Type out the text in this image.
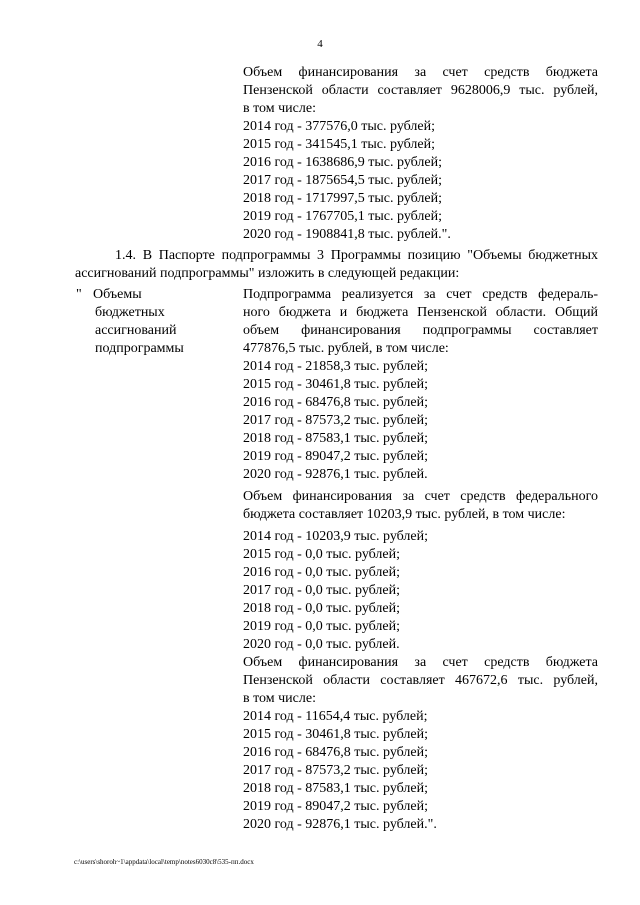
4
Объем финансирования за счет средств бюджета
Пензенской области составляет 9628006,9 тыс. рублей,
в том числе:
2014 год - 377576,0 тыс. рублей;
2015 год - 341545,1 тыс. рублей;
2016 год - 1638686,9 тыс. рублей;
2017 год - 1875654,5 тыс. рублей;
2018 год - 1717997,5 тыс. рублей;
2019 год - 1767705,1 тыс. рублей;
2020 год - 1908841,8 тыс. рублей.".
1.4. В Паспорте подпрограммы 3 Программы позицию "Объемы бюджетных
ассигнований подпрограммы" изложить в следующей редакции:
" Объемы
бюджетных
ассигнований
подпрограммы
Подпрограмма реализуется за счет средств федераль-
ного бюджета и бюджета Пензенской области. Общий
объем финансирования подпрограммы составляет
477876,5 тыс. рублей, в том числе:
2014 год - 21858,3 тыс. рублей;
2015 год - 30461,8 тыс. рублей;
2016 год - 68476,8 тыс. рублей;
2017 год - 87573,2 тыс. рублей;
2018 год - 87583,1 тыс. рублей;
2019 год - 89047,2 тыс. рублей;
2020 год - 92876,1 тыс. рублей.
Объем финансирования за счет средств федерального
бюджета составляет 10203,9 тыс. рублей, в том числе:
2014 год - 10203,9 тыс. рублей;
2015 год - 0,0 тыс. рублей;
2016 год - 0,0 тыс. рублей;
2017 год - 0,0 тыс. рублей;
2018 год - 0,0 тыс. рублей;
2019 год - 0,0 тыс. рублей;
2020 год - 0,0 тыс. рублей.
Объем финансирования за счет средств бюджета
Пензенской области составляет 467672,6 тыс. рублей,
в том числе:
2014 год - 11654,4 тыс. рублей;
2015 год - 30461,8 тыс. рублей;
2016 год - 68476,8 тыс. рублей;
2017 год - 87573,2 тыс. рублей;
2018 год - 87583,1 тыс. рублей;
2019 год - 89047,2 тыс. рублей;
2020 год - 92876,1 тыс. рублей.".
c:\users\shoroh~1\appdata\local\temp\notes6030c8\535-пп.docx
